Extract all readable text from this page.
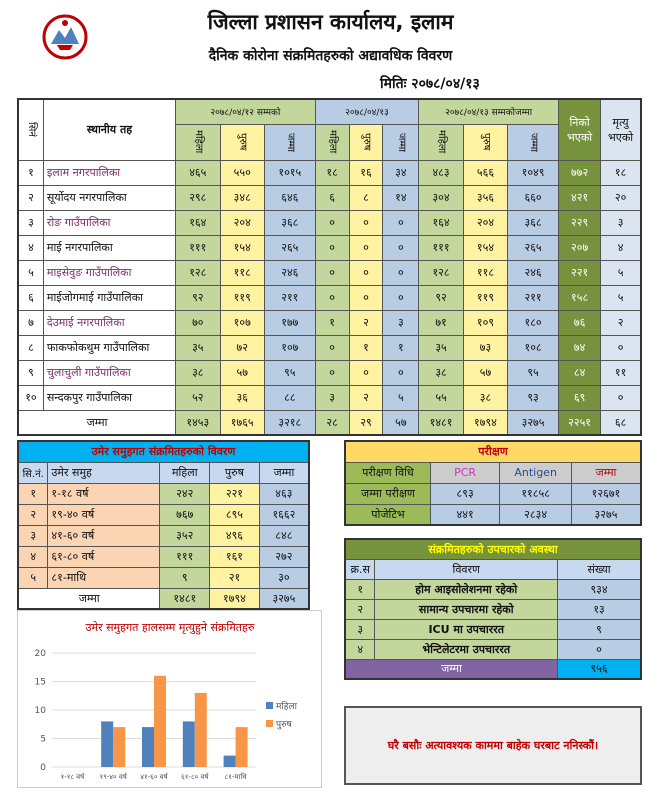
जिल्ला प्रशासन कार्यालय, इलाम
दैनिक कोरोना संक्रमितहरुको अद्यावधिक विवरण
मितिः २०७८/०४/१३
सिनं	स्थानीय तह	२०७८/०४/१२ सम्मको			२०७८/०४/१३			२०७८/०४/१३ सम्मकोजम्मा			निको भएको	मृत्यु भएको
		महिला	पुरुष	जम्मा	महिला	पुरुष	जम्मा	महिला	पुरुष	जम्मा		
१	इलाम नगरपालिका	४६५	५५०	१०१५	१८	१६	३४	४८३	५६६	१०४९	७७२	१८
२	सूर्योदय नगरपालिका	२९८	३४८	६४६	६	८	१४	३०४	३५६	६६०	४२१	२०
३	रोङ गाउँपालिका	१६४	२०४	३६८	०	०	०	१६४	२०४	३६८	२२९	३
४	माई नगरपालिका	१११	१५४	२६५	०	०	०	१११	१५४	२६५	२०७	४
५	माइसेवुङ गाउँपालिका	१२८	११८	२४६	०	०	०	१२८	११८	२४६	२२१	५
६	माईजोगमाई गाउँपालिका	९२	११९	२११	०	०	०	९२	११९	२११	१५८	५
७	देउमाई नगरपालिका	७०	१०७	१७७	१	२	३	७१	१०९	१८०	७६	२
८	फाकफोकथुम गाउँपालिका	३५	७२	१०७	०	१	१	३५	७३	१०८	७४	०
९	चुलाचुली गाउँपालिका	३८	५७	९५	०	०	०	३८	५७	९५	८४	११
१०	सन्दकपुर गाउँपालिका	५२	३६	८८	३	२	५	५५	३८	९३	६९	०
जम्मा		१४५३	१७६५	३२१८	२८	२९	५७	१४८१	१७९४	३२७५	२२५१	६८
उमेर समुहगत संक्रमितहरुको विवरण				
सि.नं.	उमेर समुह	महिला	पुरुष	जम्मा
१	१-१८ वर्ष	२४२	२२१	४६३
२	१९-४० वर्ष	७६७	८९५	१६६२
३	४१-६० वर्ष	३५२	४९६	८४८
४	६१-८० वर्ष	१११	१६१	२७२
५	८१-माथि	९	२१	३०
जम्मा		१४८१	१७९४	३२७५
परीक्षण			
परीक्षण विधि	PCR	Antigen	जम्मा
जम्मा परीक्षण	८९३	११८५८	१२६७१
पोजेटिभ	४४१	२८३४	३२७५
संक्रमितहरुको उपचारको अवस्था		
क्र.स	विवरण	संख्या
१	होम आइसोलेशनमा रहेको	९३४
२	सामान्य उपचारमा रहेको	१३
३	ICU मा उपचाररत	९
४	भेन्टिलेटरमा उपचाररत	०
जम्मा		९५६
उमेर समुहगत हालसम्म मृत्युहुने संक्रमितहरु
0
5
10
15
20
१-१८ वर्ष १९-४० वर्ष ४१-६० वर्ष ६१-८० वर्ष ८१-माथि
महिला
पुरुष
घरै बसौः अत्यावश्यक काममा बाहेक घरबाट ननिस्कौं।
